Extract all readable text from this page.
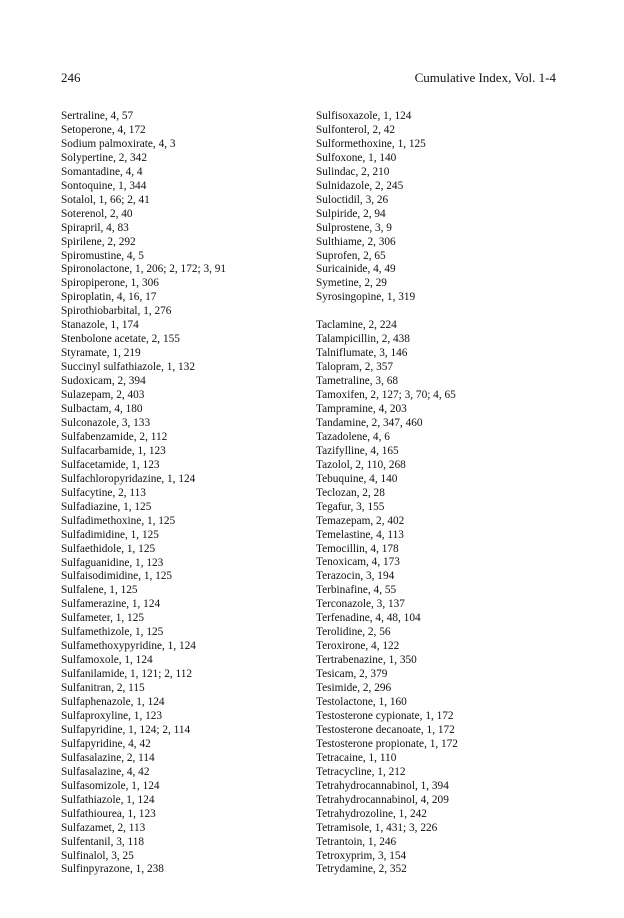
246	Cumulative Index, Vol. 1-4
Sertraline, 4, 57
Setoperone, 4, 172
Sodium palmoxirate, 4, 3
Solypertine, 2, 342
Somantadine, 4, 4
Sontoquine, 1, 344
Sotalol, 1, 66; 2, 41
Soterenol, 2, 40
Spirapril, 4, 83
Spirilene, 2, 292
Spiromustine, 4, 5
Spironolactone, 1, 206; 2, 172; 3, 91
Spiropiperone, 1, 306
Spiroplatin, 4, 16, 17
Spirothiobarbital, 1, 276
Stanazole, 1, 174
Stenbolone acetate, 2, 155
Styramate, 1, 219
Succinyl sulfathiazole, 1, 132
Sudoxicam, 2, 394
Sulazepam, 2, 403
Sulbactam, 4, 180
Sulconazole, 3, 133
Sulfabenzamide, 2, 112
Sulfacarbamide, 1, 123
Sulfacetamide, 1, 123
Sulfachloropyridazine, 1, 124
Sulfacytine, 2, 113
Sulfadiazine, 1, 125
Sulfadimethoxine, 1, 125
Sulfadimidine, 1, 125
Sulfaethidole, 1, 125
Sulfaguanidine, 1, 123
Sulfaisodimidine, 1, 125
Sulfalene, 1, 125
Sulfamerazine, 1, 124
Sulfameter, 1, 125
Sulfamethizole, 1, 125
Sulfamethoxypyridine, 1, 124
Sulfamoxole, 1, 124
Sulfanilamide, 1, 121; 2, 112
Sulfanitran, 2, 115
Sulfaphenazole, 1, 124
Sulfaproxyline, 1, 123
Sulfapyridine, 1, 124; 2, 114
Sulfapyridine, 4, 42
Sulfasalazine, 2, 114
Sulfasalazine, 4, 42
Sulfasomizole, 1, 124
Sulfathiazole, 1, 124
Sulfathiourea, 1, 123
Sulfazamet, 2, 113
Sulfentanil, 3, 118
Sulfinalol, 3, 25
Sulfinpyrazone, 1, 238
Sulfisoxazole, 1, 124
Sulfonterol, 2, 42
Sulformethoxine, 1, 125
Sulfoxone, 1, 140
Sulindac, 2, 210
Sulnidazole, 2, 245
Suloctidil, 3, 26
Sulpiride, 2, 94
Sulprostene, 3, 9
Sulthiame, 2, 306
Suprofen, 2, 65
Suricainide, 4, 49
Symetine, 2, 29
Syrosingopine, 1, 319
Taclamine, 2, 224
Talampicillin, 2, 438
Talniflumate, 3, 146
Talopram, 2, 357
Tametraline, 3, 68
Tamoxifen, 2, 127; 3, 70; 4, 65
Tampramine, 4, 203
Tandamine, 2, 347, 460
Tazadolene, 4, 6
Tazifylline, 4, 165
Tazolol, 2, 110, 268
Tebuquine, 4, 140
Teclozan, 2, 28
Tegafur, 3, 155
Temazepam, 2, 402
Temelastine, 4, 113
Temocillin, 4, 178
Tenoxicam, 4, 173
Terazocin, 3, 194
Terbinafine, 4, 55
Terconazole, 3, 137
Terfenadine, 4, 48, 104
Terolidine, 2, 56
Teroxirone, 4, 122
Tertrabenazine, 1, 350
Tesicam, 2, 379
Tesimide, 2, 296
Testolactone, 1, 160
Testosterone cypionate, 1, 172
Testosterone decanoate, 1, 172
Testosterone propionate, 1, 172
Tetracaine, 1, 110
Tetracycline, 1, 212
Tetrahydrocannabinol, 1, 394
Tetrahydrocannabinol, 4, 209
Tetrahydrozoline, 1, 242
Tetramisole, 1, 431; 3, 226
Tetrantoin, 1, 246
Tetroxyprim, 3, 154
Tetrydamine, 2, 352
